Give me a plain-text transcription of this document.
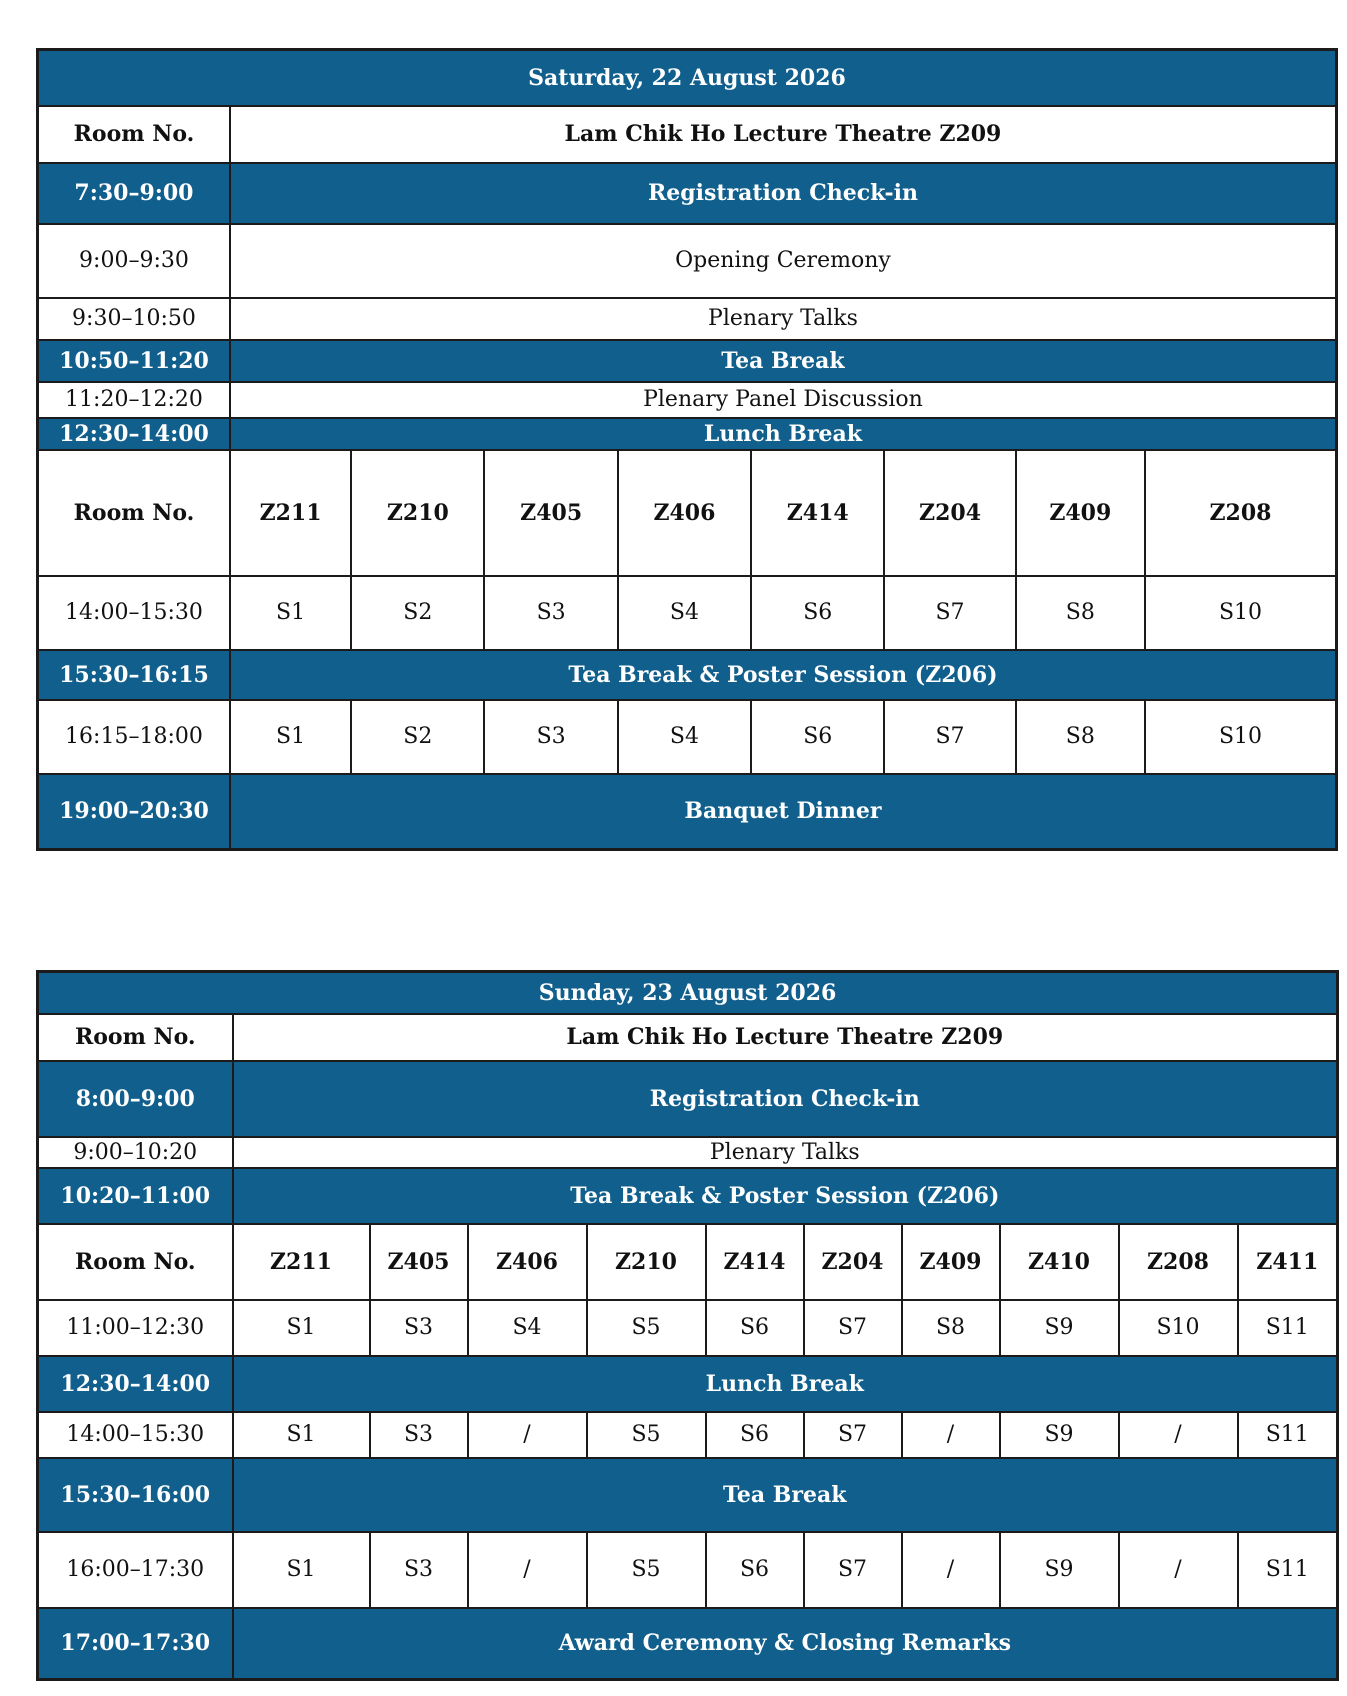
Saturday, 22 August 2026								
Room No.	Lam Chik Ho Lecture Theatre Z209							
7:30–9:00	Registration Check-in							
9:00–9:30	Opening Ceremony							
9:30–10:50	Plenary Talks							
10:50–11:20	Tea Break							
11:20–12:20	Plenary Panel Discussion							
12:30–14:00	Lunch Break							
Room No.	Z211	Z210	Z405	Z406	Z414	Z204	Z409	Z208
14:00–15:30	S1	S2	S3	S4	S6	S7	S8	S10
15:30–16:15	Tea Break & Poster Session (Z206)							
16:15–18:00	S1	S2	S3	S4	S6	S7	S8	S10
19:00–20:30	Banquet Dinner							
Sunday, 23 August 2026										
Room No.	Lam Chik Ho Lecture Theatre Z209									
8:00–9:00	Registration Check-in									
9:00–10:20	Plenary Talks									
10:20–11:00	Tea Break & Poster Session (Z206)									
Room No.	Z211	Z405	Z406	Z210	Z414	Z204	Z409	Z410	Z208	Z411
11:00–12:30	S1	S3	S4	S5	S6	S7	S8	S9	S10	S11
12:30–14:00	Lunch Break									
14:00–15:30	S1	S3	/	S5	S6	S7	/	S9	/	S11
15:30–16:00	Tea Break									
16:00–17:30	S1	S3	/	S5	S6	S7	/	S9	/	S11
17:00–17:30	Award Ceremony & Closing Remarks									
